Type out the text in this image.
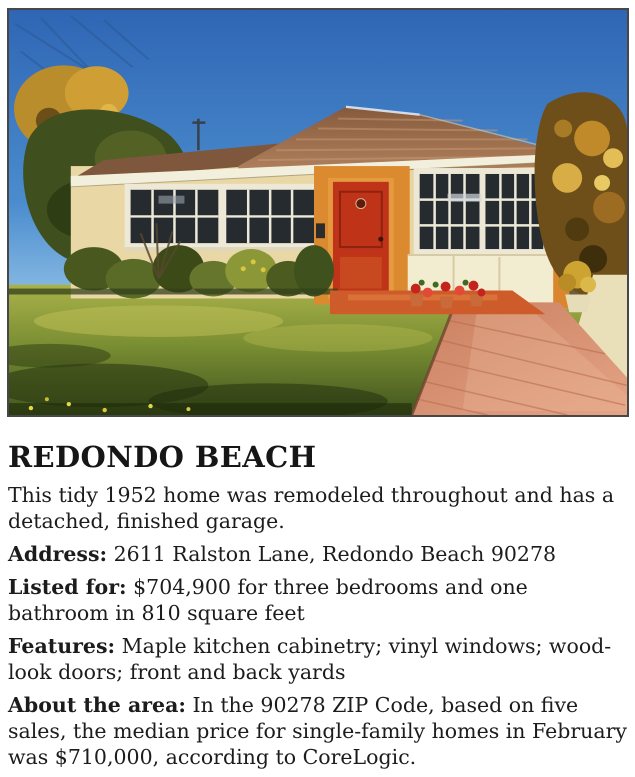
REDONDO BEACH

This tidy 1952 home was remodeled throughout and has a detached, finished garage.

Address: 2611 Ralston Lane, Redondo Beach 90278

Listed for: $704,900 for three bedrooms and one bathroom in 810 square feet

Features: Maple kitchen cabinetry; vinyl windows; wood-look doors; front and back yards

About the area: In the 90278 ZIP Code, based on five sales, the median price for single-family homes in February was $710,000, according to CoreLogic.
